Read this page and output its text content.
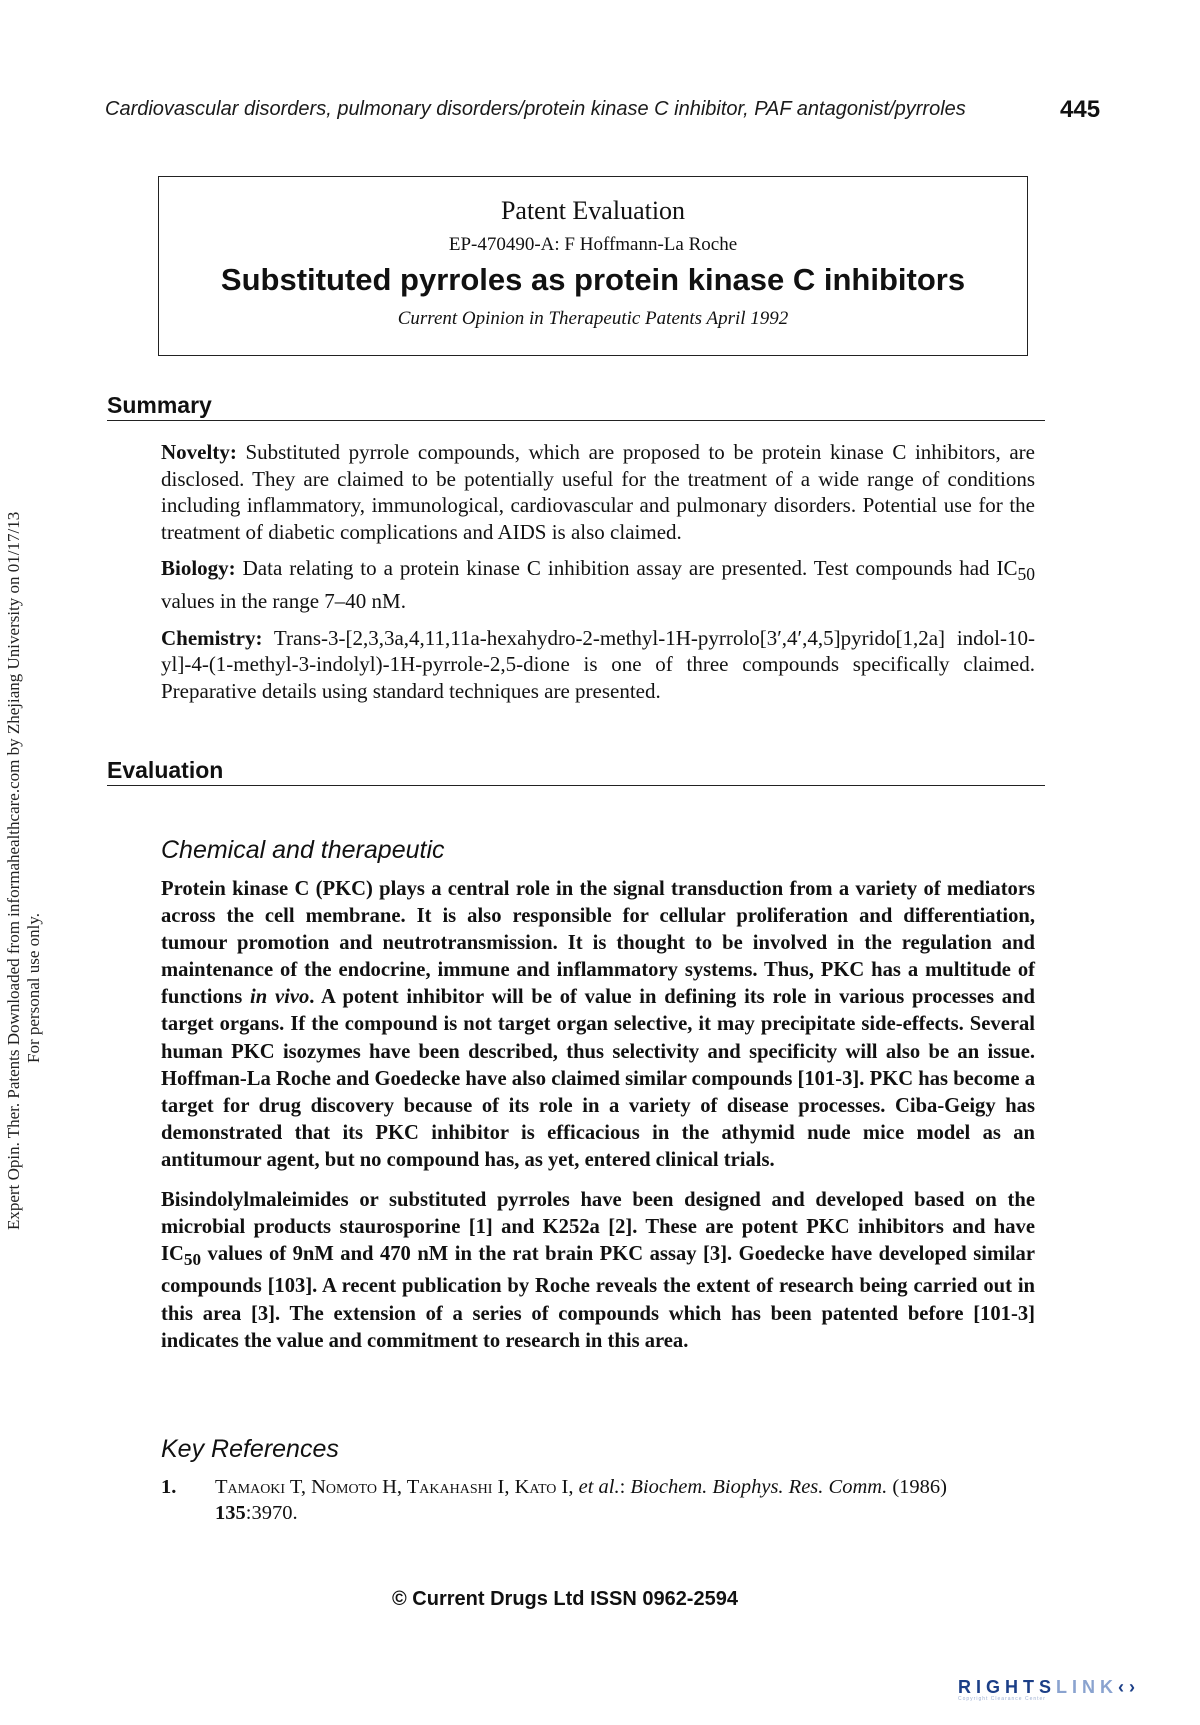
Cardiovascular disorders, pulmonary disorders/protein kinase C inhibitor, PAF antagonist/pyrroles	445
Expert Opin. Ther. Patents Downloaded from informahealthcare.com by Zhejiang University on 01/17/13 For personal use only.
Patent Evaluation
EP-470490-A: F Hoffmann-La Roche
Substituted pyrroles as protein kinase C inhibitors
Current Opinion in Therapeutic Patents April 1992
Summary

Novelty: Substituted pyrrole compounds, which are proposed to be protein kinase C inhibitors, are disclosed. They are claimed to be potentially useful for the treatment of a wide range of conditions including inflammatory, immunological, cardiovascular and pulmonary disorders. Potential use for the treatment of diabetic complications and AIDS is also claimed.

Biology: Data relating to a protein kinase C inhibition assay are presented. Test compounds had $IC_{50}$ values in the range 7–40 nM.

Chemistry: Trans-3-[2,3,3a,4,11,11a-hexahydro-2-methyl-1H-pyrrolo[3′,4′,4,5]pyrido[1,2a] indol-10-yl]-4-(1-methyl-3-indolyl)-1H-pyrrole-2,5-dione is one of three compounds specifically claimed. Preparative details using standard techniques are presented.

Evaluation
Chemical and therapeutic

Protein kinase C (PKC) plays a central role in the signal transduction from a variety of mediators across the cell membrane. It is also responsible for cellular proliferation and differentiation, tumour promotion and neutrotransmission. It is thought to be involved in the regulation and maintenance of the endocrine, immune and inflammatory systems. Thus, PKC has a multitude of functions in vivo. A potent inhibitor will be of value in defining its role in various processes and target organs. If the compound is not target organ selective, it may precipitate side-effects. Several human PKC isozymes have been described, thus selectivity and specificity will also be an issue. Hoffman-La Roche and Goedecke have also claimed similar compounds [101-3]. PKC has become a target for drug discovery because of its role in a variety of disease processes. Ciba-Geigy has demonstrated that its PKC inhibitor is efficacious in the athymid nude mice model as an antitumour agent, but no compound has, as yet, entered clinical trials.

Bisindolylmaleimides or substituted pyrroles have been designed and developed based on the microbial products staurosporine [1] and K252a [2]. These are potent PKC inhibitors and have $IC_{50}$ values of 9nM and 470 nM in the rat brain PKC assay [3]. Goedecke have developed similar compounds [103]. A recent publication by Roche reveals the extent of research being carried out in this area [3]. The extension of a series of compounds which has been patented before [101-3] indicates the value and commitment to research in this area.

Key References
1.	Tamaoki T, Nomoto H, Takahashi I, Kato I, et al.: Biochem. Biophys. Res. Comm. (1986)
135:3970.
© Current Drugs Ltd ISSN 0962-2594
RIGHTSLINK‹›
Copyright Clearance Center
